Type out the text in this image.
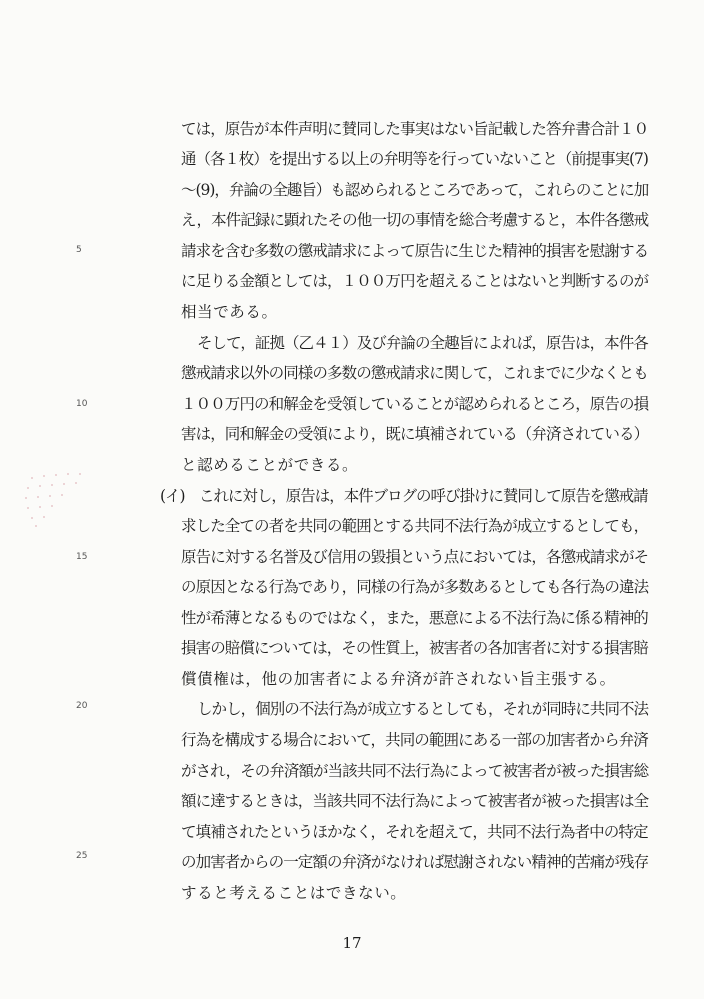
5
10
15
20
25
ては，原告が本件声明に賛同した事実はない旨記載した答弁書合計１０
通（各１枚）を提出する以上の弁明等を行っていないこと（前提事実(7)
〜(9)，弁論の全趣旨）も認められるところであって，これらのことに加
え，本件記録に顕れたその他一切の事情を総合考慮すると，本件各懲戒
請求を含む多数の懲戒請求によって原告に生じた精神的損害を慰謝する
に足りる金額としては，１００万円を超えることはないと判断するのが
相当である。
そして，証拠（乙４１）及び弁論の全趣旨によれば，原告は，本件各
懲戒請求以外の同様の多数の懲戒請求に関して，これまでに少なくとも
１００万円の和解金を受領していることが認められるところ，原告の損
害は，同和解金の受領により，既に填補されている（弁済されている）
と認めることができる。
(イ)　これに対し，原告は，本件ブログの呼び掛けに賛同して原告を懲戒請
求した全ての者を共同の範囲とする共同不法行為が成立するとしても，
原告に対する名誉及び信用の毀損という点においては，各懲戒請求がそ
の原因となる行為であり，同様の行為が多数あるとしても各行為の違法
性が希薄となるものではなく，また，悪意による不法行為に係る精神的
損害の賠償については，その性質上，被害者の各加害者に対する損害賠
償債権は，他の加害者による弁済が許されない旨主張する。
しかし，個別の不法行為が成立するとしても，それが同時に共同不法
行為を構成する場合において，共同の範囲にある一部の加害者から弁済
がされ，その弁済額が当該共同不法行為によって被害者が被った損害総
額に達するときは，当該共同不法行為によって被害者が被った損害は全
て填補されたというほかなく，それを超えて，共同不法行為者中の特定
の加害者からの一定額の弁済がなければ慰謝されない精神的苦痛が残存
すると考えることはできない。
17
